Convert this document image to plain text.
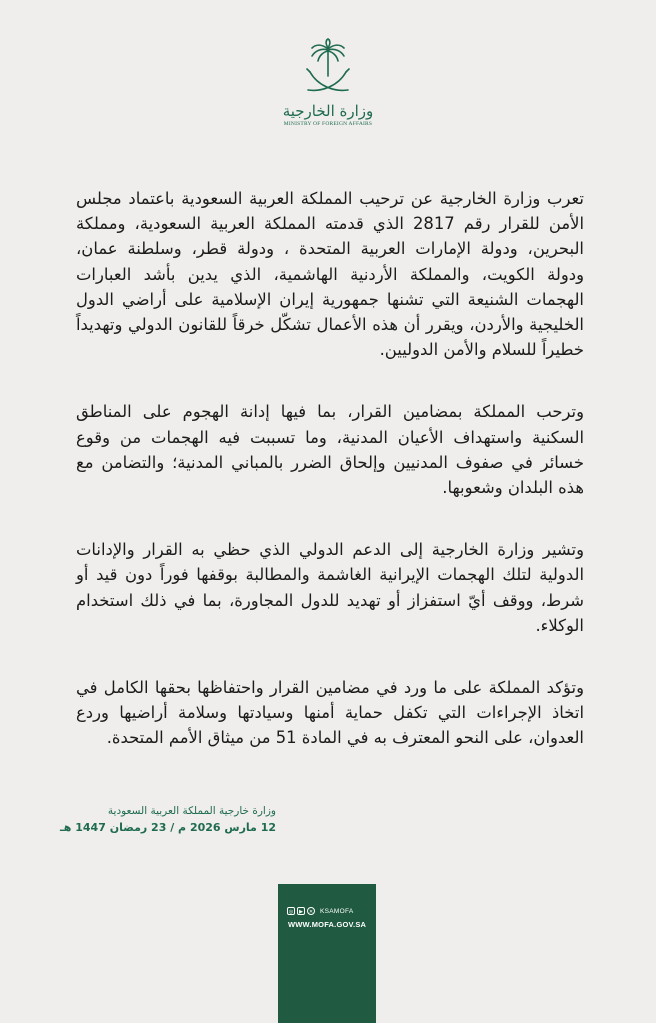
وزارة الخارجية
MINISTRY OF FOREIGN AFFAIRS

تعرب وزارة الخارجية عن ترحيب المملكة العربية السعودية باعتماد مجلس الأمن للقرار رقم 2817 الذي قدمته المملكة العربية السعودية، ومملكة البحرين، ودولة الإمارات العربية المتحدة ، ودولة قطر، وسلطنة عمان، ودولة الكويت، والمملكة الأردنية الهاشمية، الذي يدين بأشد العبارات الهجمات الشنيعة التي تشنها جمهورية إيران الإسلامية على أراضي الدول الخليجية والأردن، ويقرر أن هذه الأعمال تشكّل خرقاً للقانون الدولي وتهديداً خطيراً للسلام والأمن الدوليين.

وترحب المملكة بمضامين القرار، بما فيها إدانة الهجوم على المناطق السكنية واستهداف الأعيان المدنية، وما تسببت فيه الهجمات من وقوع خسائر في صفوف المدنيين وإلحاق الضرر بالمباني المدنية؛ والتضامن مع هذه البلدان وشعوبها.

وتشير وزارة الخارجية إلى الدعم الدولي الذي حظي به القرار والإدانات الدولية لتلك الهجمات الإيرانية الغاشمة والمطالبة بوقفها فوراً دون قيد أو شرط، ووقف أيّ استفزاز أو تهديد للدول المجاورة، بما في ذلك استخدام الوكلاء.

وتؤكد المملكة على ما ورد في مضامين القرار واحتفاظها بحقها الكامل في اتخاذ الإجراءات التي تكفل حماية أمنها وسيادتها وسلامة أراضيها وردع العدوان، على النحو المعترف به في المادة 51 من ميثاق الأمم المتحدة.

وزارة خارجية المملكة العربية السعودية
12 مارس 2026 م / 23 رمضان 1447 هـ
◎	▶	✕ KSAMOFA
WWW.MOFA.GOV.SA
